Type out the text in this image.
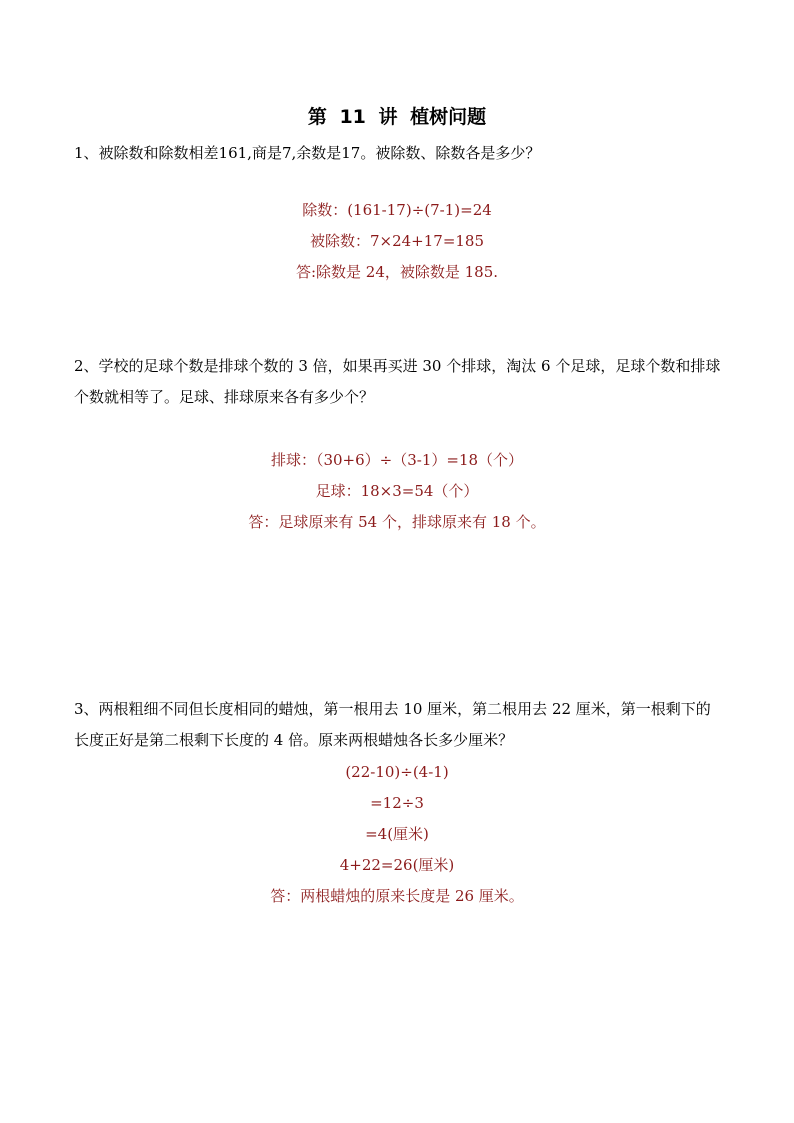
第 11 讲 植树问题
1、被除数和除数相差161,商是7,余数是17。被除数、除数各是多少？
除数：(161-17)÷(7-1)=24
被除数：7×24+17=185
答:除数是 24，被除数是 185.
2、学校的足球个数是排球个数的 3 倍，如果再买进 30 个排球，淘汰 6 个足球，足球个数和排球个数就相等了。足球、排球原来各有多少个？
排球：（30+6）÷（3-1）=18（个）
足球：18×3=54（个）
答：足球原来有 54 个，排球原来有 18 个。
3、两根粗细不同但长度相同的蜡烛，第一根用去 10 厘米，第二根用去 22 厘米，第一根剩下的长度正好是第二根剩下长度的 4 倍。原来两根蜡烛各长多少厘米？
(22-10)÷(4-1)
=12÷3
=4(厘米)
4+22=26(厘米)
答：两根蜡烛的原来长度是 26 厘米。
